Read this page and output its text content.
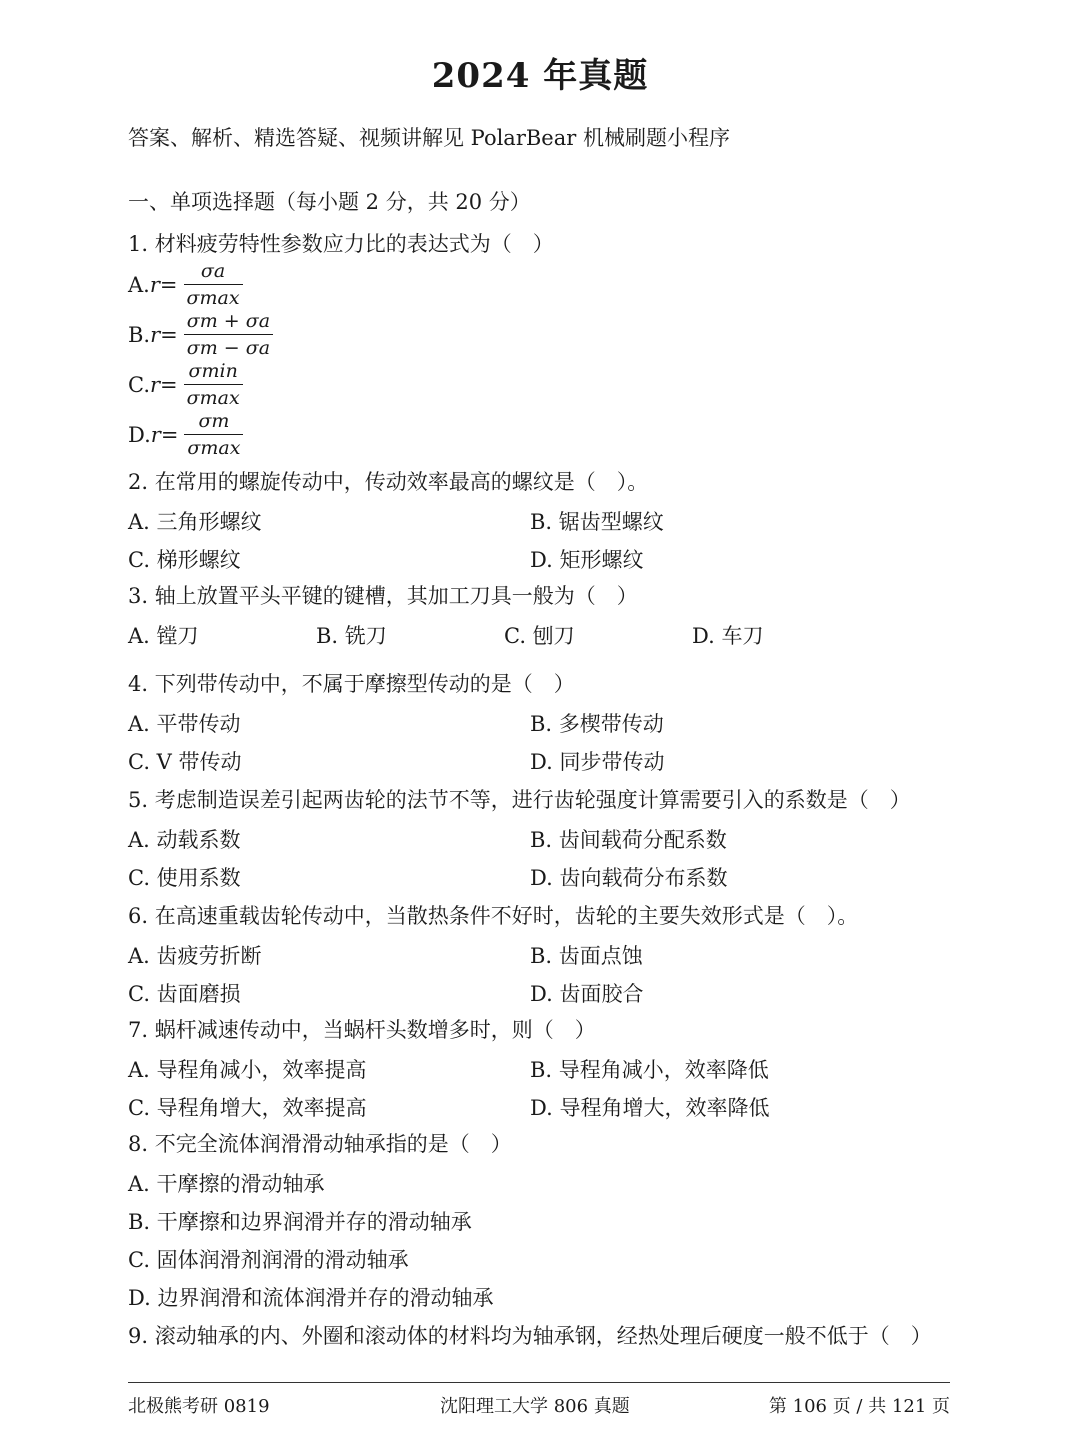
2024 年真题
答案、解析、精选答疑、视频讲解见 PolarBear 机械刷题小程序
一、单项选择题（每小题 2 分，共 20 分）
1. 材料疲劳特性参数应力比的表达式为（　）
A. $r = \frac{\sigma a}{\sigma\max}$
B. $r = \frac{\sigma m + \sigma a}{\sigma m - \sigma a}$
C. $r = \frac{\sigma\min}{\sigma\max}$
D. $r = \frac{\sigma m}{\sigma\max}$
2. 在常用的螺旋传动中，传动效率最高的螺纹是（　）。
A. 三角形螺纹	B. 锯齿型螺纹
C. 梯形螺纹	D. 矩形螺纹
3. 轴上放置平头平键的键槽，其加工刀具一般为（　）
A. 镗刀	B. 铣刀	C. 刨刀	D. 车刀
4. 下列带传动中，不属于摩擦型传动的是（　）
A. 平带传动	B. 多楔带传动
C. V 带传动	D. 同步带传动
5. 考虑制造误差引起两齿轮的法节不等，进行齿轮强度计算需要引入的系数是（　）
A. 动载系数	B. 齿间载荷分配系数
C. 使用系数	D. 齿向载荷分布系数
6. 在高速重载齿轮传动中，当散热条件不好时，齿轮的主要失效形式是（　）。
A. 齿疲劳折断	B. 齿面点蚀
C. 齿面磨损	D. 齿面胶合
7. 蜗杆减速传动中，当蜗杆头数增多时，则（　）
A. 导程角减小，效率提高	B. 导程角减小，效率降低
C. 导程角增大，效率提高	D. 导程角增大，效率降低
8. 不完全流体润滑滑动轴承指的是（　）
A. 干摩擦的滑动轴承
B. 干摩擦和边界润滑并存的滑动轴承
C. 固体润滑剂润滑的滑动轴承
D. 边界润滑和流体润滑并存的滑动轴承
9. 滚动轴承的内、外圈和滚动体的材料均为轴承钢，经热处理后硬度一般不低于（　）
北极熊考研 0819	沈阳理工大学 806 真题	第 106 页 / 共 121 页
